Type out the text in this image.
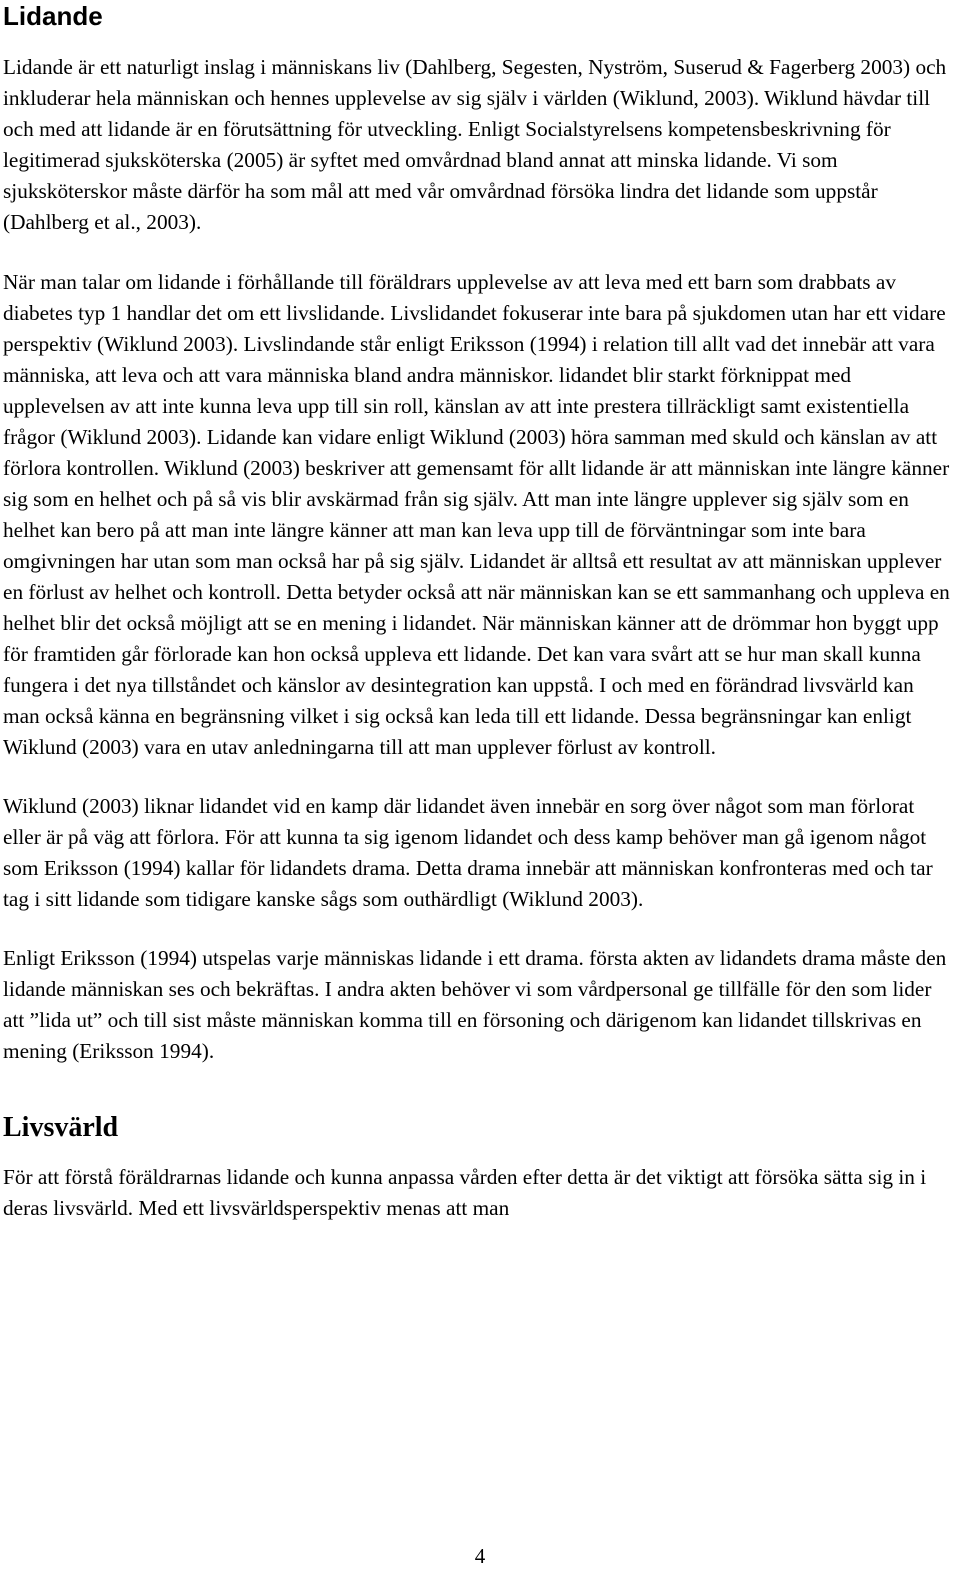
Lidande

Lidande är ett naturligt inslag i människans liv (Dahlberg, Segesten, Nyström, Suserud & Fagerberg 2003) och inkluderar hela människan och hennes upplevelse av sig själv i världen (Wiklund, 2003). Wiklund hävdar till och med att lidande är en förutsättning för utveckling. Enligt Socialstyrelsens kompetensbeskrivning för legitimerad sjuksköterska (2005) är syftet med omvårdnad bland annat att minska lidande. Vi som sjuksköterskor måste därför ha som mål att med vår omvårdnad försöka lindra det lidande som uppstår (Dahlberg et al., 2003).

När man talar om lidande i förhållande till föräldrars upplevelse av att leva med ett barn som drabbats av diabetes typ 1 handlar det om ett livslidande. Livslidandet fokuserar inte bara på sjukdomen utan har ett vidare perspektiv (Wiklund 2003). Livslindande står enligt Eriksson (1994) i relation till allt vad det innebär att vara människa, att leva och att vara människa bland andra människor. lidandet blir starkt förknippat med upplevelsen av att inte kunna leva upp till sin roll, känslan av att inte prestera tillräckligt samt existentiella frågor (Wiklund 2003). Lidande kan vidare enligt Wiklund (2003) höra samman med skuld och känslan av att förlora kontrollen. Wiklund (2003) beskriver att gemensamt för allt lidande är att människan inte längre känner sig som en helhet och på så vis blir avskärmad från sig själv. Att man inte längre upplever sig själv som en helhet kan bero på att man inte längre känner att man kan leva upp till de förväntningar som inte bara omgivningen har utan som man också har på sig själv. Lidandet är alltså ett resultat av att människan upplever en förlust av helhet och kontroll. Detta betyder också att när människan kan se ett sammanhang och uppleva en helhet blir det också möjligt att se en mening i lidandet. När människan känner att de drömmar hon byggt upp för framtiden går förlorade kan hon också uppleva ett lidande. Det kan vara svårt att se hur man skall kunna fungera i det nya tillståndet och känslor av desintegration kan uppstå. I och med en förändrad livsvärld kan man också känna en begränsning vilket i sig också kan leda till ett lidande. Dessa begränsningar kan enligt Wiklund (2003) vara en utav anledningarna till att man upplever förlust av kontroll.

Wiklund (2003) liknar lidandet vid en kamp där lidandet även innebär en sorg över något som man förlorat eller är på väg att förlora. För att kunna ta sig igenom lidandet och dess kamp behöver man gå igenom något som Eriksson (1994) kallar för lidandets drama. Detta drama innebär att människan konfronteras med och tar tag i sitt lidande som tidigare kanske sågs som outhärdligt (Wiklund 2003).

Enligt Eriksson (1994) utspelas varje människas lidande i ett drama. första akten av lidandets drama måste den lidande människan ses och bekräftas. I andra akten behöver vi som vårdpersonal ge tillfälle för den som lider att ”lida ut” och till sist måste människan komma till en försoning och därigenom kan lidandet tillskrivas en mening (Eriksson 1994).

Livsvärld

För att förstå föräldrarnas lidande och kunna anpassa vården efter detta är det viktigt att försöka sätta sig in i deras livsvärld. Med ett livsvärldsperspektiv menas att man

4
